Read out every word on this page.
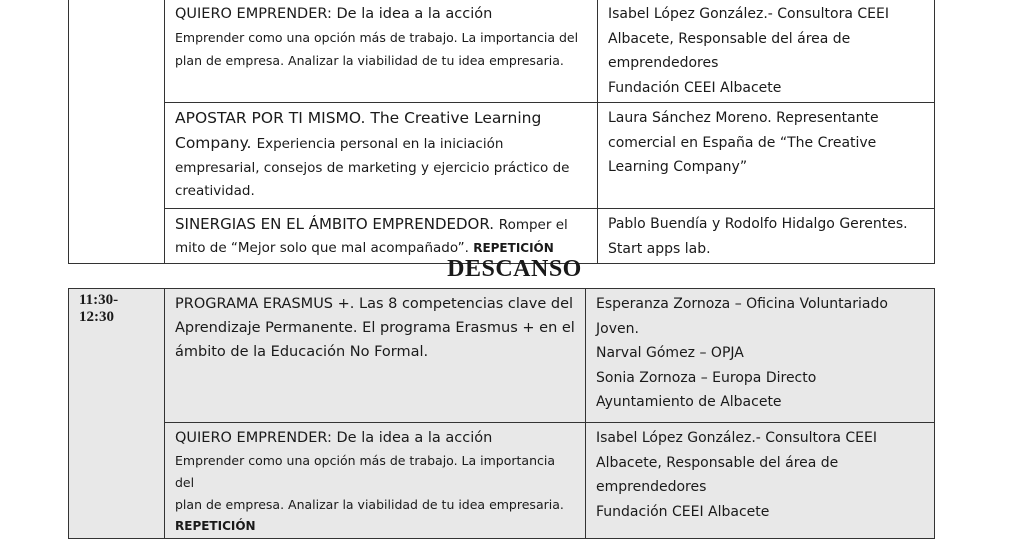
	QUIERO EMPRENDER: De la idea a la acción
Emprender como una opción más de trabajo. La importancia del
plan de empresa. Analizar la viabilidad de tu idea empresaria.	Isabel López González.- Consultora CEEI
Albacete, Responsable del área de
emprendedores
Fundación CEEI Albacete

	APOSTAR POR TI MISMO. The Creative Learning
Company. Experiencia personal en la iniciación
empresarial, consejos de marketing y ejercicio práctico de
creatividad.	Laura Sánchez Moreno. Representante
comercial en España de “The Creative
Learning Company”

	SINERGIAS EN EL ÁMBITO EMPRENDEDOR. Romper el
mito de “Mejor solo que mal acompañado”. REPETICIÓN	Pablo Buendía y Rodolfo Hidalgo Gerentes.
Start apps lab.
DESCANSO
11:30-
12:30	PROGRAMA ERASMUS +. Las 8 competencias clave del
Aprendizaje Permanente. El programa Erasmus + en el
ámbito de la Educación No Formal.	Esperanza Zornoza – Oficina Voluntariado
Joven.
Narval Gómez – OPJA
Sonia Zornoza – Europa Directo
Ayuntamiento de Albacete

	QUIERO EMPRENDER: De la idea a la acción
Emprender como una opción más de trabajo. La importancia del
plan de empresa. Analizar la viabilidad de tu idea empresaria.
REPETICIÓN	Isabel López González.- Consultora CEEI
Albacete, Responsable del área de
emprendedores
Fundación CEEI Albacete
